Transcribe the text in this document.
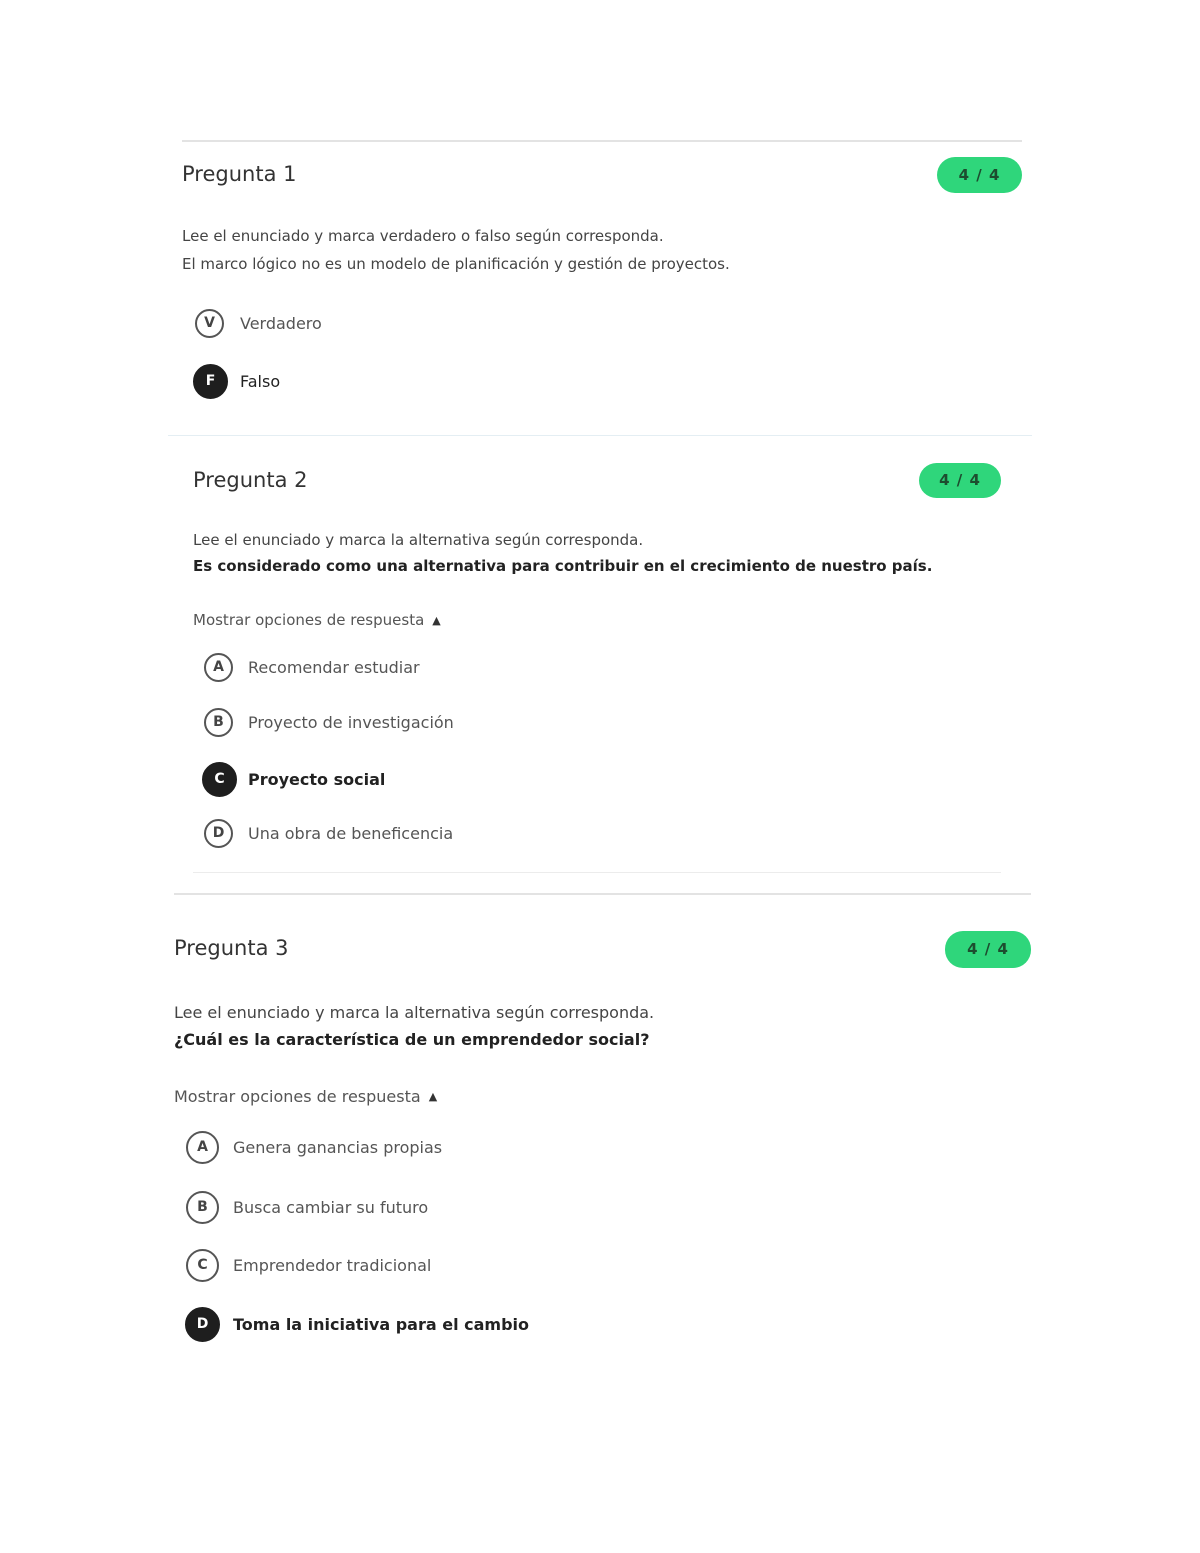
Pregunta 1	4 / 4
Lee el enunciado y marca verdadero o falso según corresponda.
El marco lógico no es un modelo de planificación y gestión de proyectos.
V	Verdadero
F	Falso
Pregunta 2	4 / 4
Lee el enunciado y marca la alternativa según corresponda.
Es considerado como una alternativa para contribuir en el crecimiento de nuestro país.
Mostrar opciones de respuesta ▲
A	Recomendar estudiar
B	Proyecto de investigación
C	Proyecto social
D	Una obra de beneficencia
Pregunta 3	4 / 4
Lee el enunciado y marca la alternativa según corresponda.
¿Cuál es la característica de un emprendedor social?
Mostrar opciones de respuesta ▲
A	Genera ganancias propias
B	Busca cambiar su futuro
C	Emprendedor tradicional
D	Toma la iniciativa para el cambio
